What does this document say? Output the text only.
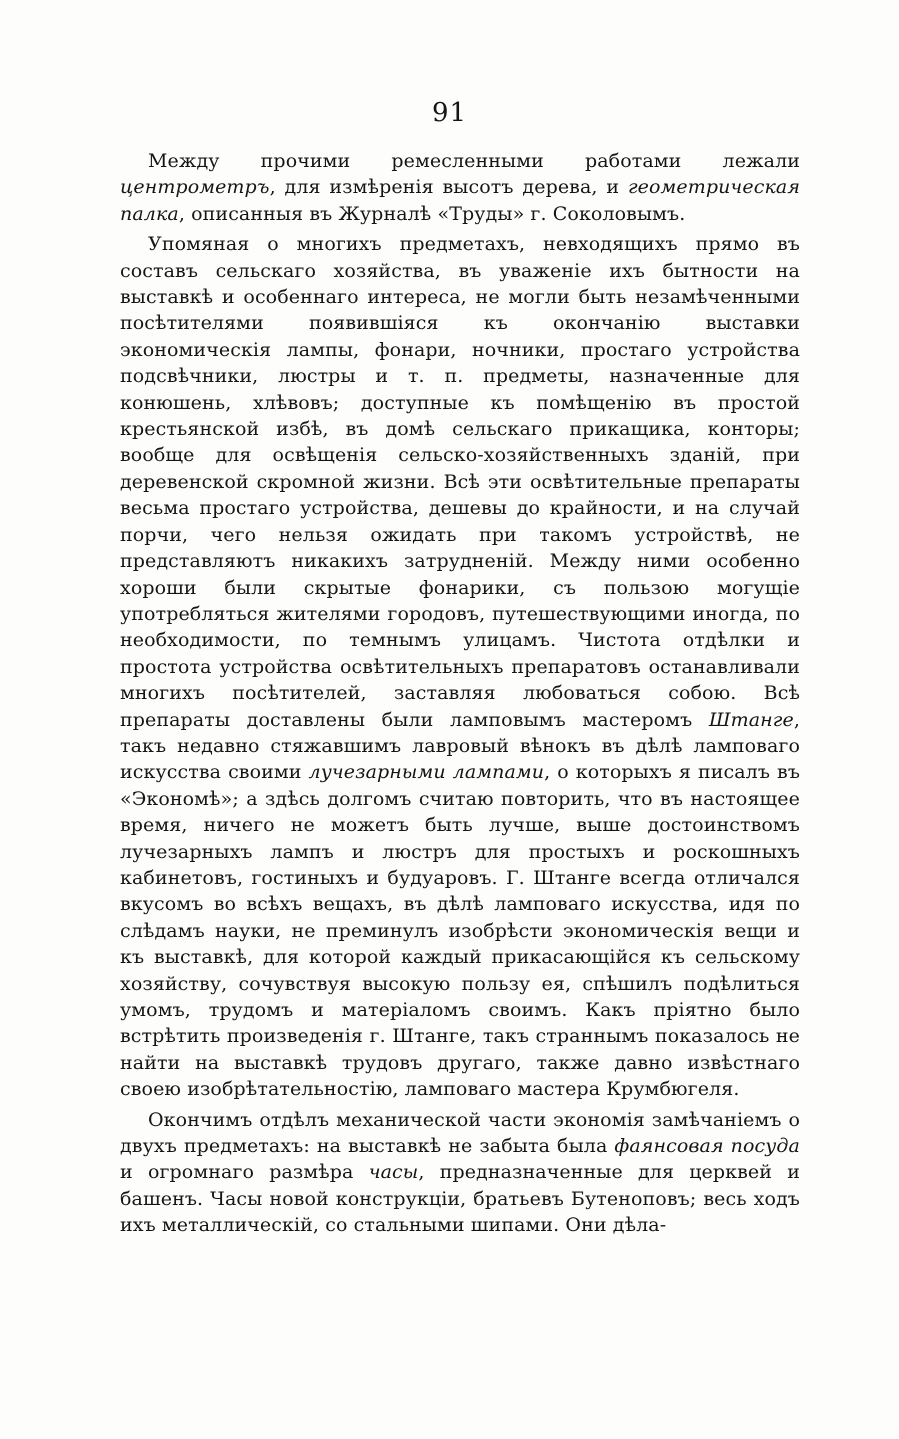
91

Между прочими ремесленными работами лежали центрометръ, для измѣренія высотъ дерева, и геометрическая палка, описанныя въ Журналѣ «Труды» г. Соколовымъ.

Упомяная о многихъ предметахъ, невходящихъ прямо въ составъ сельскаго хозяйства, въ уваженіе ихъ бытности на выставкѣ и особеннаго интереса, не могли быть незамѣченными посѣтителями появившіяся къ окончанію выставки экономическія лампы, фонари, ночники, простаго устройства подсвѣчники, люстры и т. п. предметы, назначенные для конюшень, хлѣвовъ; доступные къ помѣщенію въ простой крестьянской избѣ, въ домѣ сельскаго прикащика, конторы; вообще для освѣщенія сельско-хозяйственныхъ зданій, при деревенской скромной жизни. Всѣ эти освѣтительные препараты весьма простаго устройства, дешевы до крайности, и на случай порчи, чего нельзя ожидать при такомъ устройствѣ, не представляютъ никакихъ затрудненій. Между ними особенно хороши были скрытые фонарики, съ пользою могущіе употребляться жителями городовъ, путешествующими иногда, по необходимости, по темнымъ улицамъ. Чистота отдѣлки и простота устройства освѣтительныхъ препаратовъ останавливали многихъ посѣтителей, заставляя любоваться собою. Всѣ препараты доставлены были ламповымъ мастеромъ Штанге, такъ недавно стяжавшимъ лавровый вѣнокъ въ дѣлѣ ламповаго искусства своими лучезарными лампами, о которыхъ я писалъ въ «Экономѣ»; а здѣсь долгомъ считаю повторить, что въ настоящее время, ничего не можетъ быть лучше, выше достоинствомъ лучезарныхъ лампъ и люстръ для простыхъ и роскошныхъ кабинетовъ, гостиныхъ и будуаровъ. Г. Штанге всегда отличался вкусомъ во всѣхъ вещахъ, въ дѣлѣ ламповаго искусства, идя по слѣдамъ науки, не преминулъ изобрѣсти экономическія вещи и къ выставкѣ, для которой каждый прикасающійся къ сельскому хозяйству, сочувствуя высокую пользу ея, спѣшилъ подѣлиться умомъ, трудомъ и матеріаломъ своимъ. Какъ пріятно было встрѣтить произведенія г. Штанге, такъ страннымъ показалось не найти на выставкѣ трудовъ другаго, также давно извѣстнаго своею изобрѣтательностію, ламповаго мастера Крумбюгеля.

Окончимъ отдѣлъ механической части экономія замѣчаніемъ о двухъ предметахъ: на выставкѣ не забыта была фаянсовая посуда и огромнаго размѣра часы, предназначенные для церквей и башенъ. Часы новой конструкціи, братьевъ Бутеноповъ; весь ходъ ихъ металлическій, со стальными шипами. Они дѣла-
